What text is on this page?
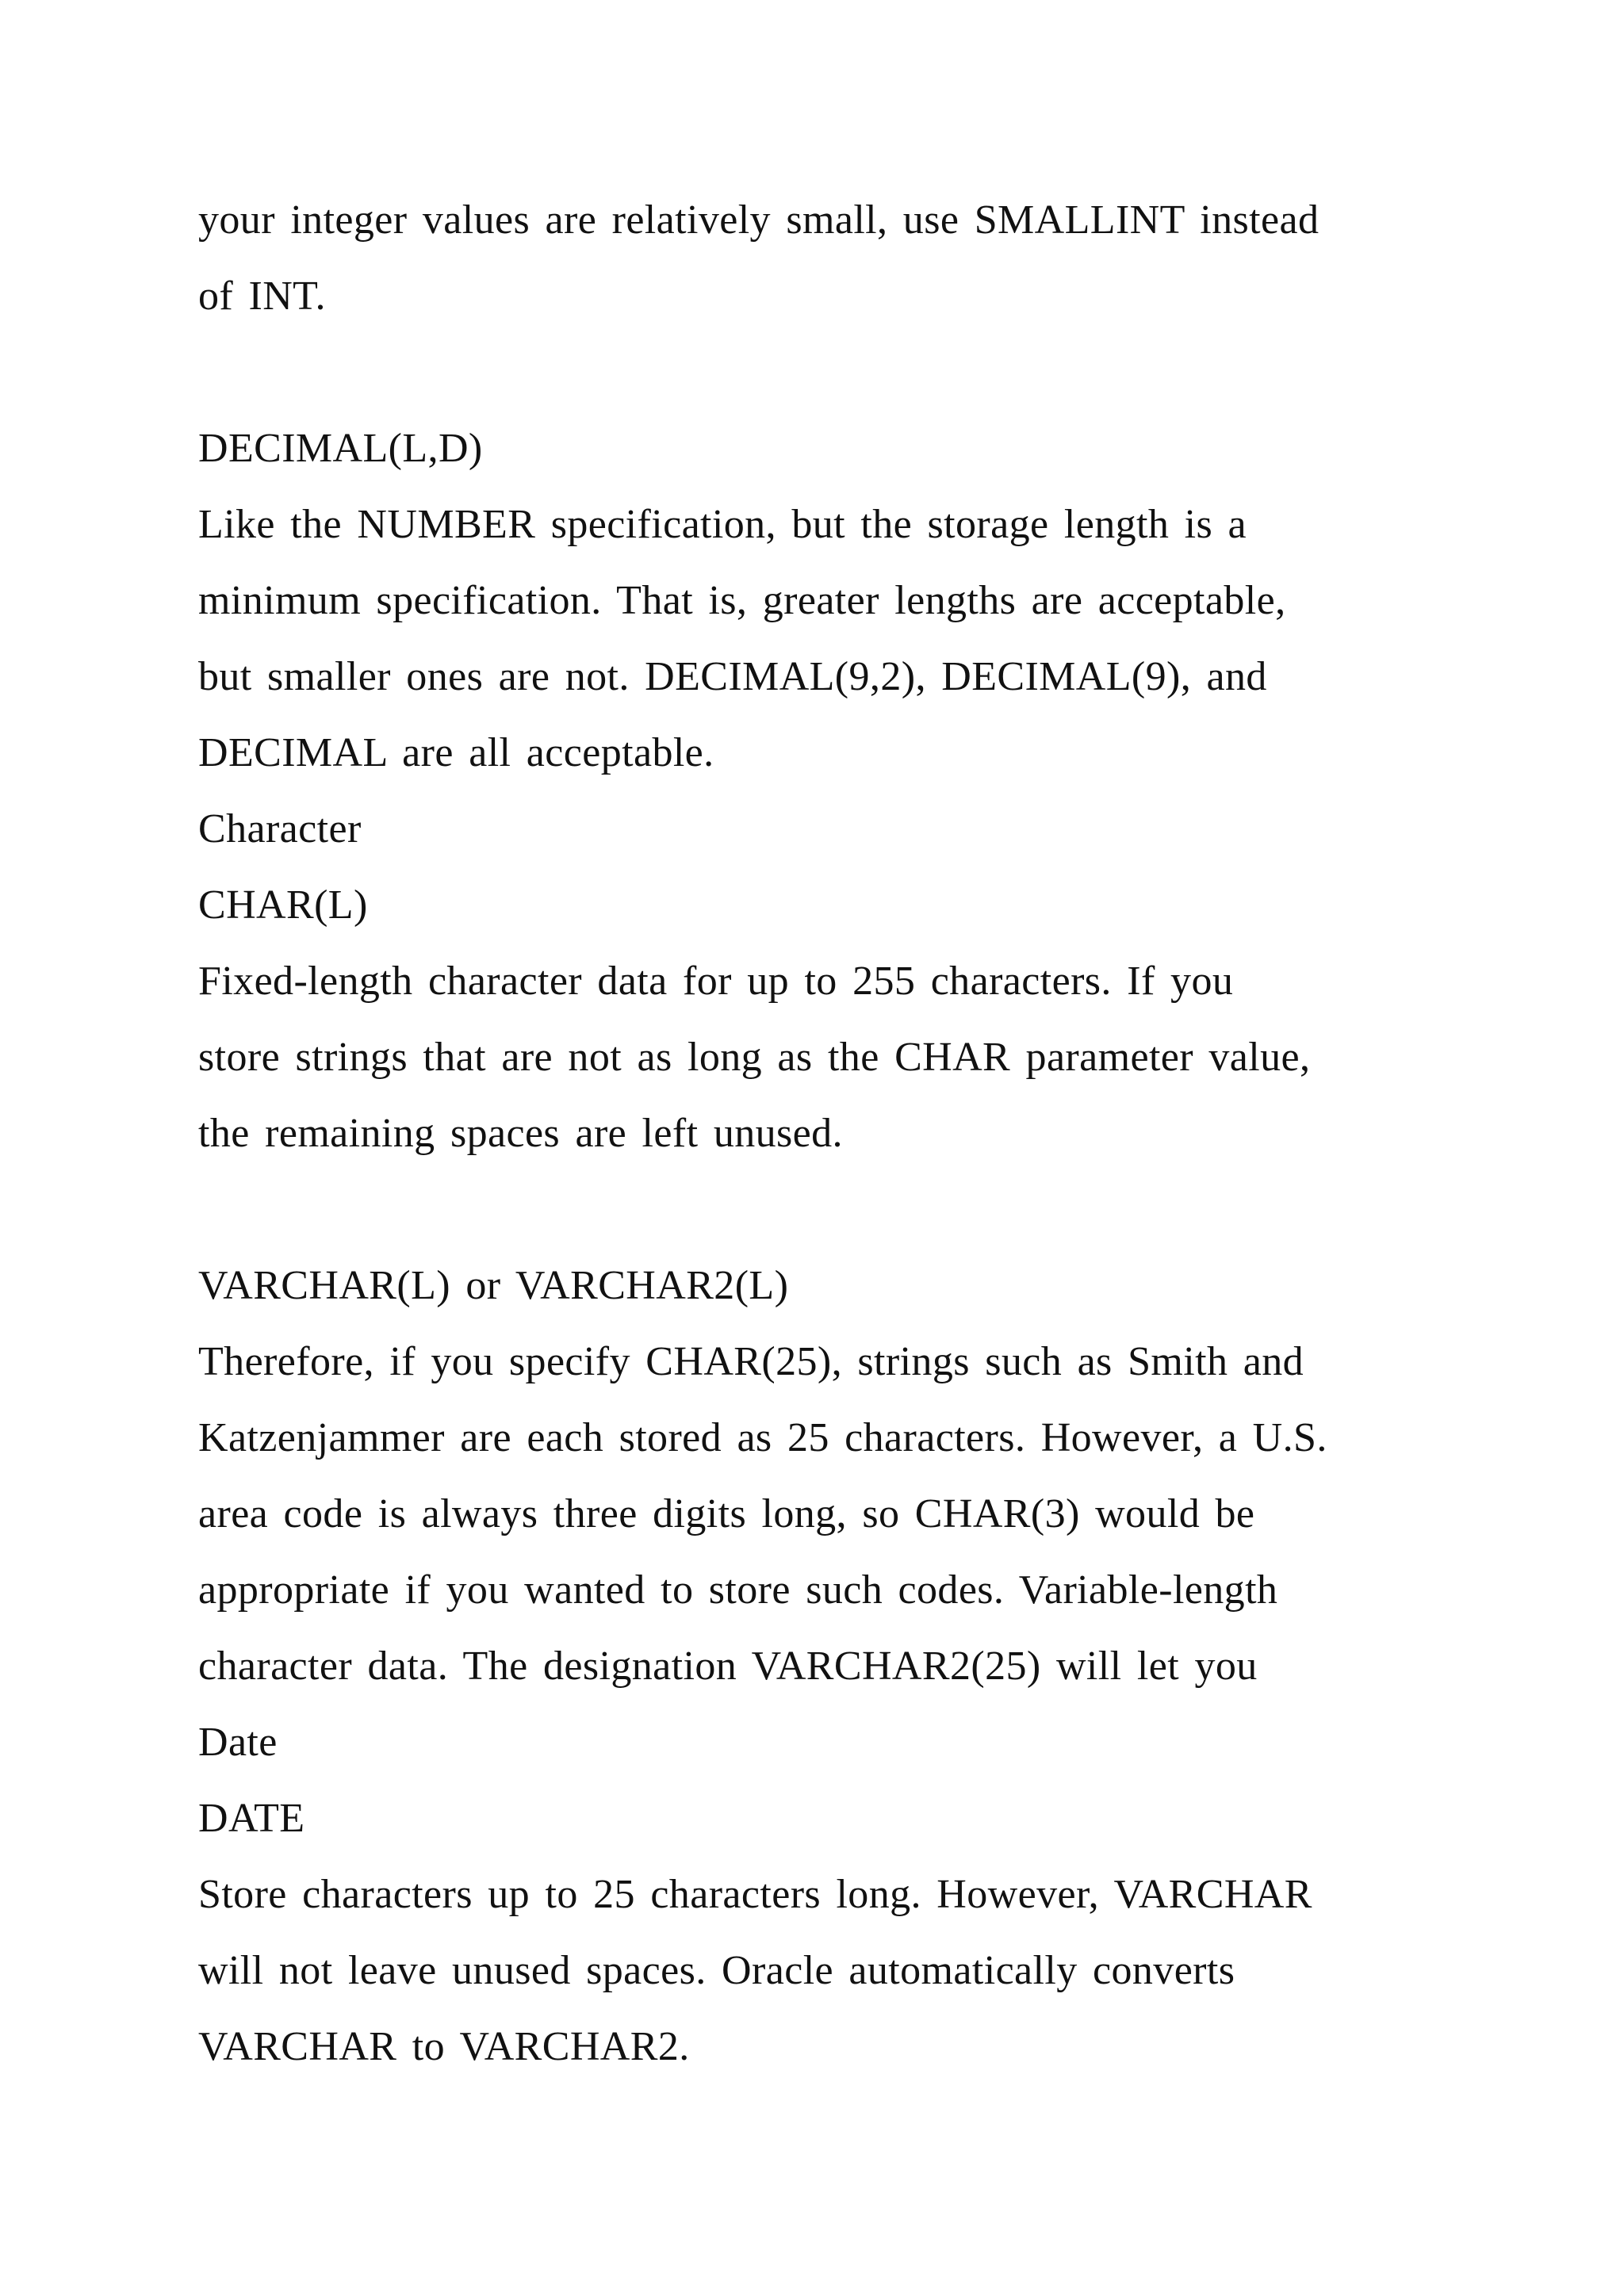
your integer values are relatively small, use SMALLINT instead

of INT.

DECIMAL(L,D)

Like the NUMBER specification, but the storage length is a

minimum specification. That is, greater lengths are acceptable,

but smaller ones are not. DECIMAL(9,2), DECIMAL(9), and

DECIMAL are all acceptable.

Character

CHAR(L)

Fixed-length character data for up to 255 characters. If you

store strings that are not as long as the CHAR parameter value,

the remaining spaces are left unused.

VARCHAR(L) or VARCHAR2(L)

Therefore, if you specify CHAR(25), strings such as Smith and

Katzenjammer are each stored as 25 characters. However, a U.S.

area code is always three digits long, so CHAR(3) would be

appropriate if you wanted to store such codes. Variable-length

character data. The designation VARCHAR2(25) will let you

Date

DATE

Store characters up to 25 characters long. However, VARCHAR

will not leave unused spaces. Oracle automatically converts

VARCHAR to VARCHAR2.
